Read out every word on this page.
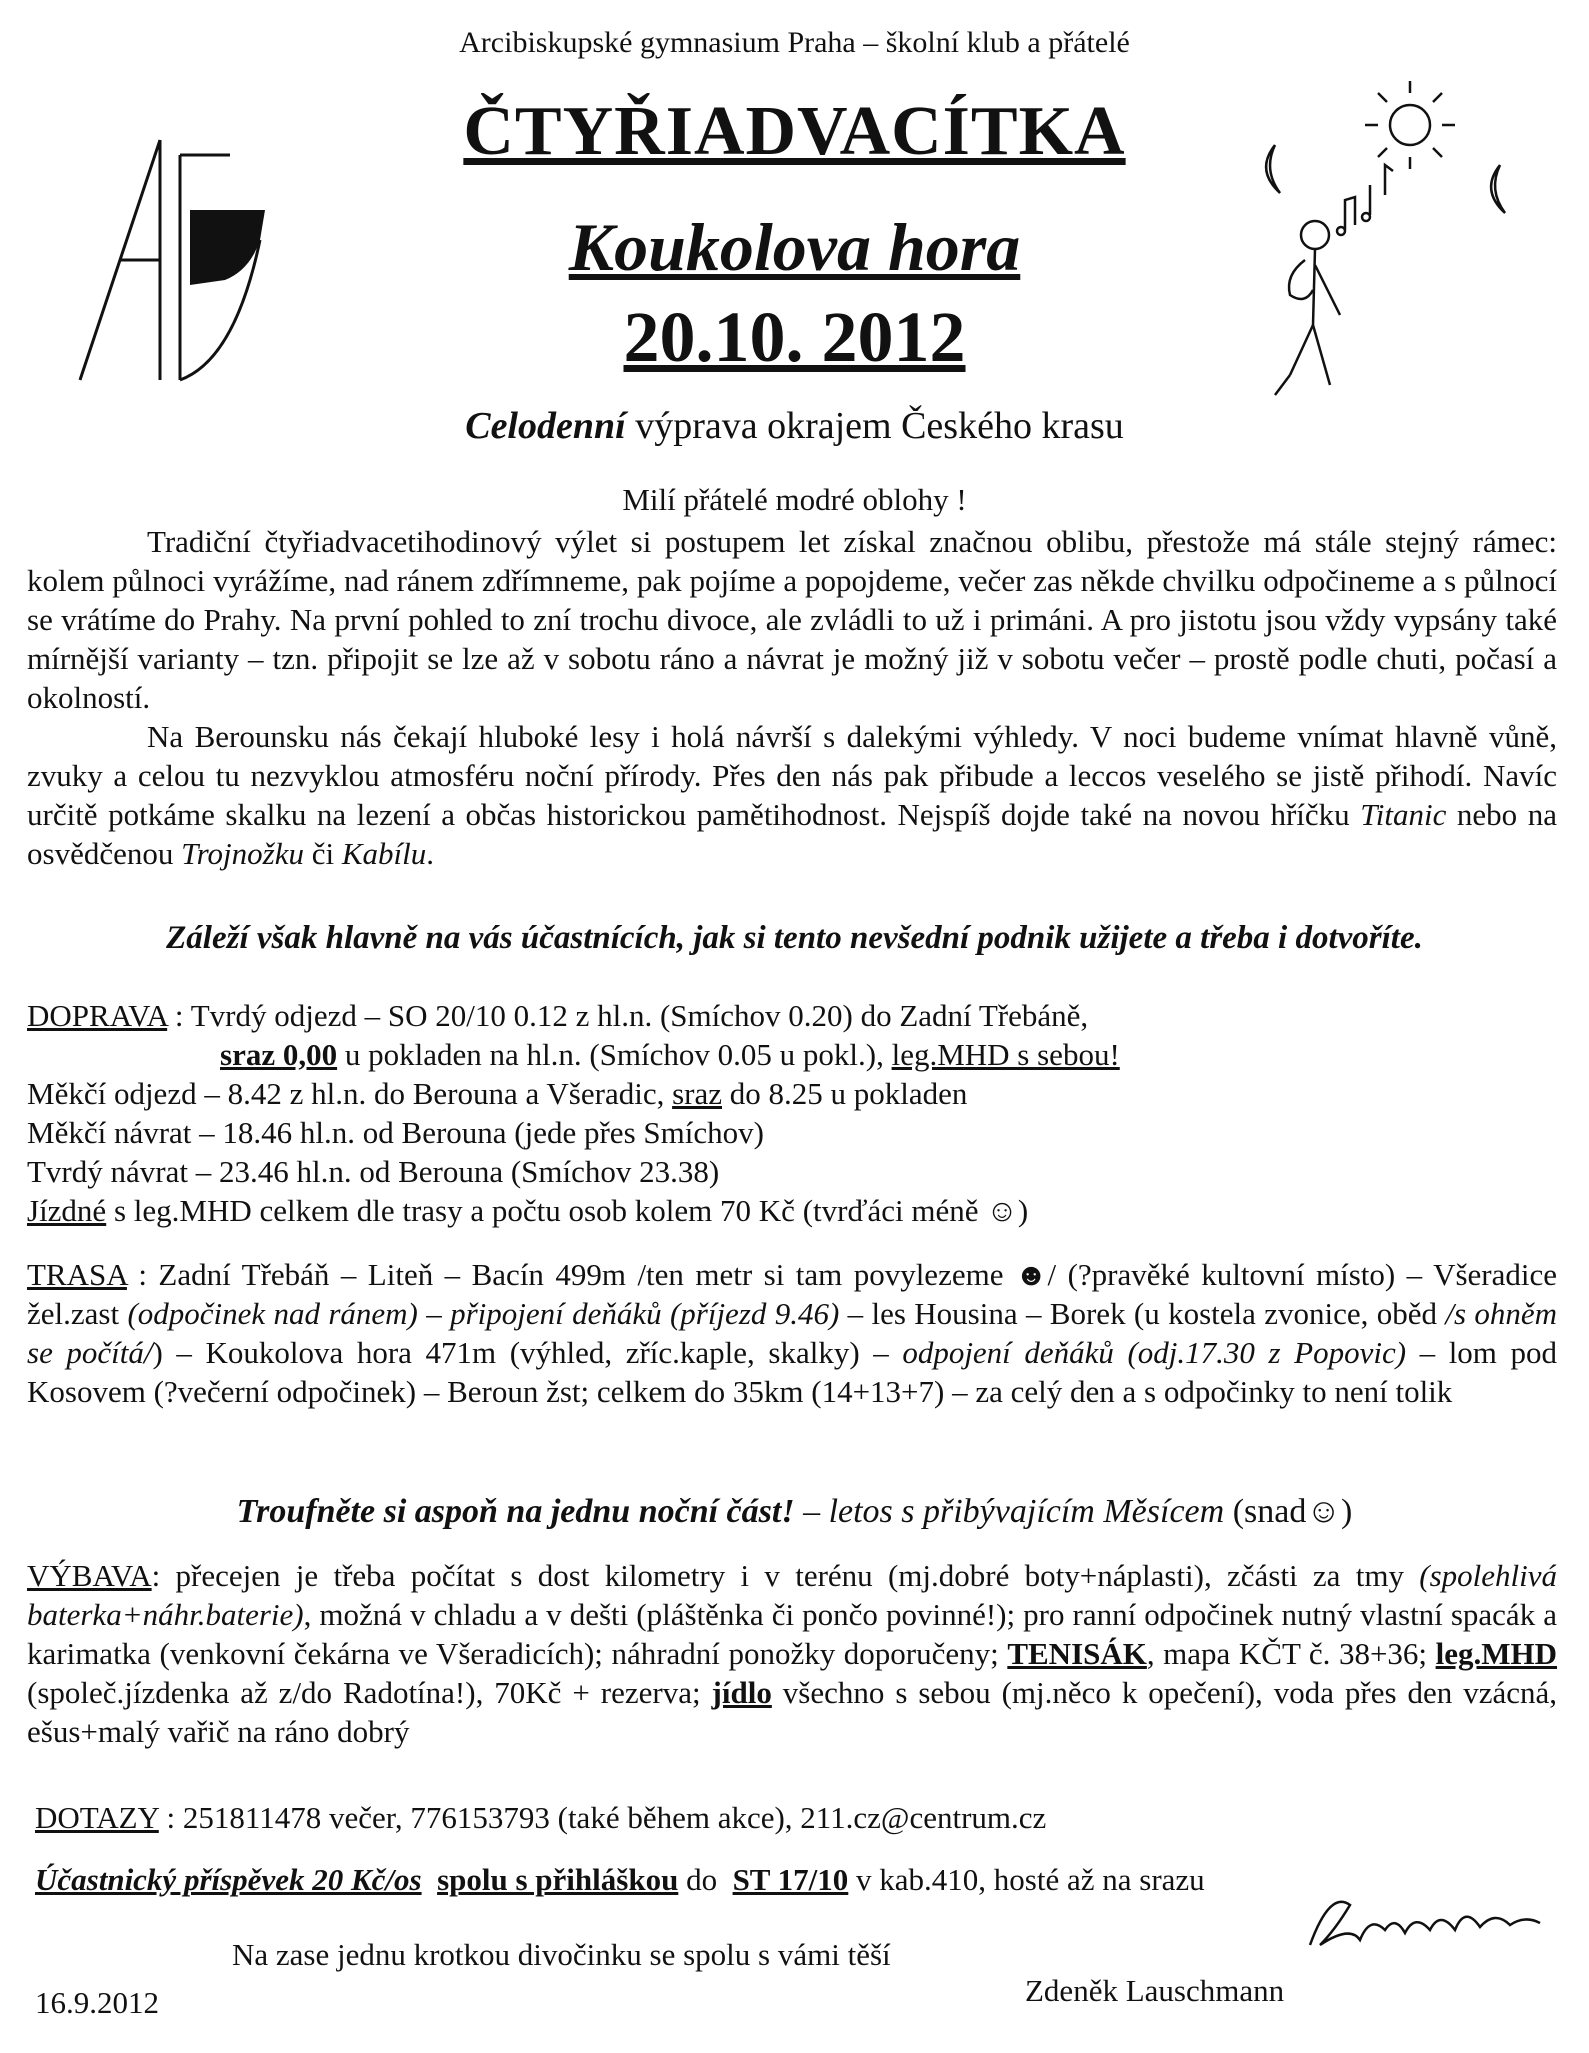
Arcibiskupské gymnasium Praha – školní klub a přátelé
ČTYŘIADVACÍTKA
Koukolova hora
20.10. 2012
Celodenní výprava okrajem Českého krasu
Milí přátelé modré oblohy !

Tradiční čtyřiadvacetihodinový výlet si postupem let získal značnou oblibu, přestože má stále stejný rámec: kolem půlnoci vyrážíme, nad ránem zdřímneme, pak pojíme a popojdeme, večer zas někde chvilku odpočineme a s půlnocí se vrátíme do Prahy. Na první pohled to zní trochu divoce, ale zvládli to už i primáni. A pro jistotu jsou vždy vypsány také mírnější varianty – tzn. připojit se lze až v sobotu ráno a návrat je možný již v sobotu večer – prostě podle chuti, počasí a okolností.

Na Berounsku nás čekají hluboké lesy i holá návrší s dalekými výhledy. V noci budeme vnímat hlavně vůně, zvuky a celou tu nezvyklou atmosféru noční přírody. Přes den nás pak přibude a leccos veselého se jistě přihodí. Navíc určitě potkáme skalku na lezení a občas historickou pamětihodnost. Nejspíš dojde také na novou hříčku Titanic nebo na osvědčenou Trojnožku či Kabílu.

Záleží však hlavně na vás účastnících, jak si tento nevšední podnik užijete a třeba i dotvoříte.
DOPRAVA : Tvrdý odjezd – SO 20/10 0.12 z hl.n. (Smíchov 0.20) do Zadní Třebáně,
sraz 0,00 u pokladen na hl.n. (Smíchov 0.05 u pokl.), leg.MHD s sebou!
Měkčí odjezd – 8.42 z hl.n. do Berouna a Všeradic, sraz do 8.25 u pokladen
Měkčí návrat – 18.46 hl.n. od Berouna (jede přes Smíchov)
Tvrdý návrat – 23.46 hl.n. od Berouna (Smíchov 23.38)
Jízdné s leg.MHD celkem dle trasy a počtu osob kolem 70 Kč (tvrďáci méně ☺)
TRASA : Zadní Třebáň – Liteň – Bacín 499m /ten metr si tam povylezeme ☻/ (?pravěké kultovní místo) – Všeradice žel.zast (odpočinek nad ránem) – připojení deňáků (příjezd 9.46) – les Housina – Borek (u kostela zvonice, oběd /s ohněm se počítá/) – Koukolova hora 471m (výhled, zříc.kaple, skalky) – odpojení deňáků (odj.17.30 z Popovic) – lom pod Kosovem (?večerní odpočinek) – Beroun žst; celkem do 35km (14+13+7) – za celý den a s odpočinky to není tolik
Troufněte si aspoň na jednu noční část! – letos s přibývajícím Měsícem (snad☺)
VÝBAVA: přecejen je třeba počítat s dost kilometry i v terénu (mj.dobré boty+náplasti), zčásti za tmy (spolehlivá baterka+náhr.baterie), možná v chladu a v dešti (pláštěnka či pončo povinné!); pro ranní odpočinek nutný vlastní spacák a karimatka (venkovní čekárna ve Všeradicích); náhradní ponožky doporučeny; TENISÁK, mapa KČT č. 38+36; leg.MHD (společ.jízdenka až z/do Radotína!), 70Kč + rezerva; jídlo všechno s sebou (mj.něco k opečení), voda přes den vzácná, ešus+malý vařič na ráno dobrý
DOTAZY : 251811478 večer, 776153793 (také během akce), 211.cz@centrum.cz
Účastnický příspěvek 20 Kč/os spolu s přihláškou do  ST 17/10 v kab.410, hosté až na srazu
Na zase jednu krotkou divočinku se spolu s vámi těší
16.9.2012	Zdeněk Lauschmann
